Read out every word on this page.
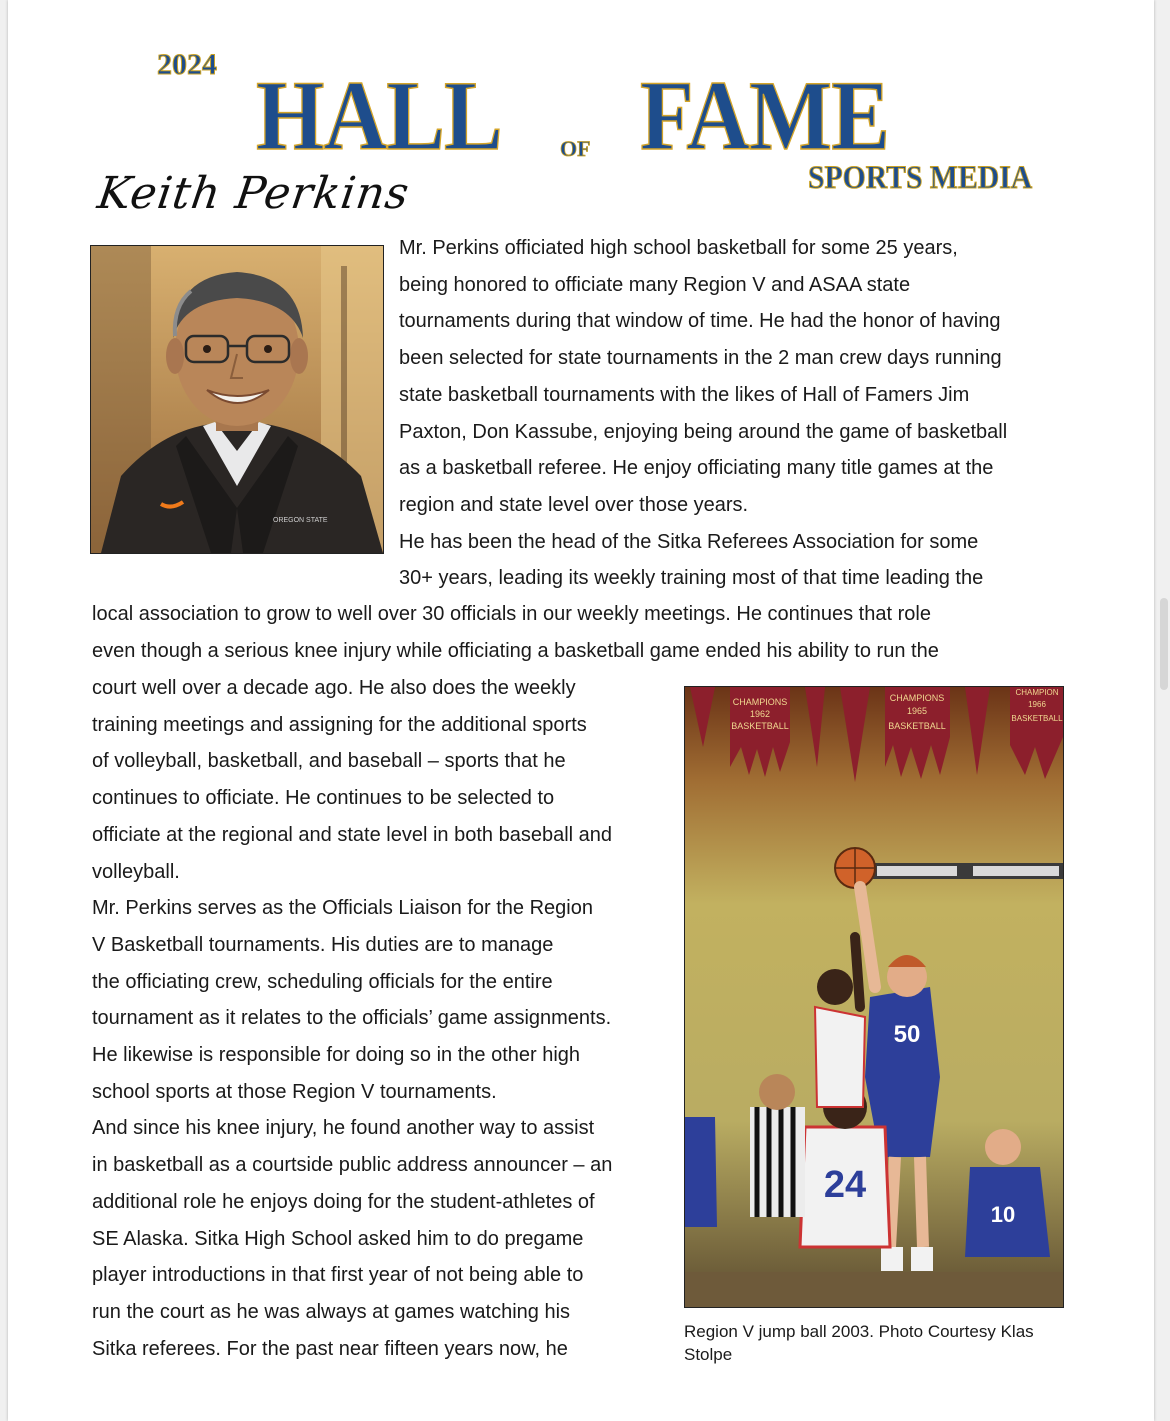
2024 HALL	OF FAME
SPORTS MEDIA
Keith Perkins
OREGON STATE
Mr. Perkins officiated high school basketball for some 25 years,
being honored to officiate many Region V and ASAA state
tournaments during that window of time. He had the honor of having
been selected for state tournaments in the 2 man crew days running
state basketball tournaments with the likes of Hall of Famers Jim
Paxton, Don Kassube, enjoying being around the game of basketball
as a basketball referee. He enjoy officiating many title games at the
region and state level over those years.
He has been the head of the Sitka Referees Association for some
30+ years, leading its weekly training most of that time leading the
local association to grow to well over 30 officials in our weekly meetings. He continues that role
even though a serious knee injury while officiating a basketball game ended his ability to run the
court well over a decade ago. He also does the weekly
training meetings and assigning for the additional sports
of volleyball, basketball, and baseball – sports that he
continues to officiate. He continues to be selected to
officiate at the regional and state level in both baseball and
volleyball.
Mr. Perkins serves as the Officials Liaison for the Region
V Basketball tournaments. His duties are to manage
the officiating crew, scheduling officials for the entire
tournament as it relates to the officials’ game assignments.
He likewise is responsible for doing so in the other high
school sports at those Region V tournaments.
And since his knee injury, he found another way to assist
in basketball as a courtside public address announcer – an
additional role he enjoys doing for the student-athletes of
SE Alaska. Sitka High School asked him to do pregame
player introductions in that first year of not being able to
run the court as he was always at games watching his
Sitka referees. For the past near fifteen years now, he
CHAMPIONS
1962
BASKETBALL
CHAMPIONS
1965
BASKETBALL
CHAMPION
1966
BASKETBALL
50
24
10
Region V jump ball 2003. Photo Courtesy Klas
Stolpe
